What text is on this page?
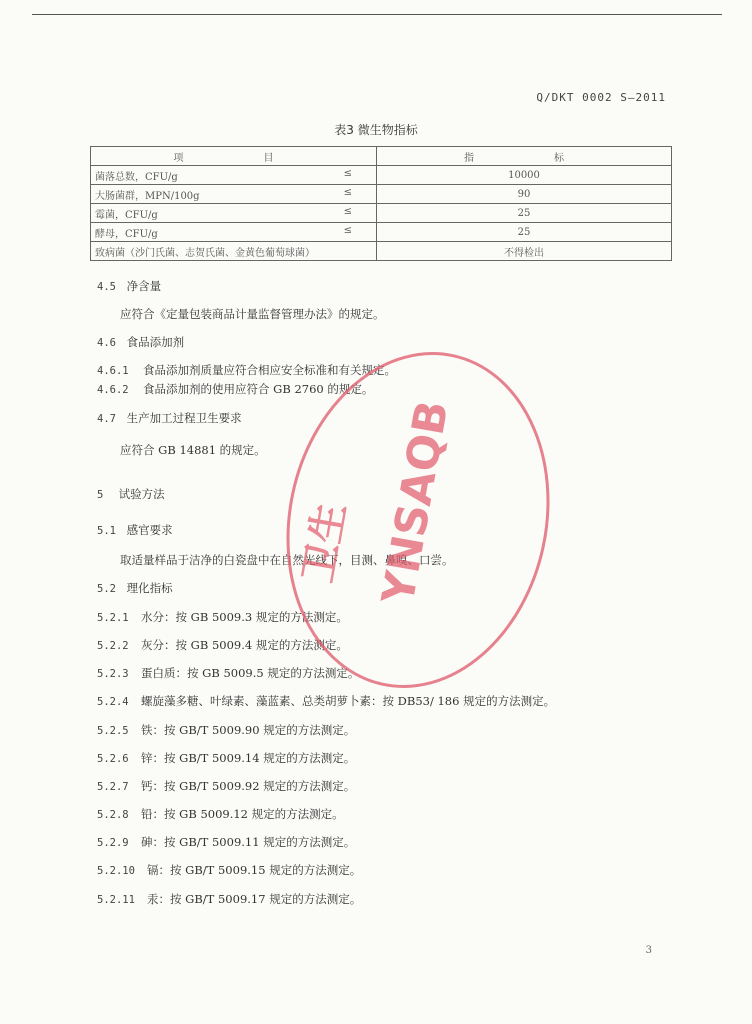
Q/DKT 0002 S—2011
表3 微生物指标
项　　目	指　　标
菌落总数，CFU/g ≤	10000
大肠菌群，MPN/100g ≤	90
霉菌，CFU/g ≤	25
酵母，CFU/g ≤	25
致病菌（沙门氏菌、志贺氏菌、金黄色葡萄球菌）	不得检出
4.5 净含量
应符合《定量包装商品计量监督管理办法》的规定。
4.6 食品添加剂
4.6.1 食品添加剂质量应符合相应安全标准和有关规定。
4.6.2 食品添加剂的使用应符合 GB 2760 的规定。
4.7 生产加工过程卫生要求
应符合 GB 14881 的规定。
5 试验方法
5.1 感官要求
取适量样品于洁净的白瓷盘中在自然光线下，目测、鼻嗅、口尝。
5.2 理化指标
5.2.1 水分：按 GB 5009.3 规定的方法测定。
5.2.2 灰分：按 GB 5009.4 规定的方法测定。
5.2.3 蛋白质：按 GB 5009.5 规定的方法测定。
5.2.4 螺旋藻多糖、叶绿素、藻蓝素、总类胡萝卜素：按 DB53/ 186 规定的方法测定。
5.2.5 铁：按 GB/T 5009.90 规定的方法测定。
5.2.6 锌：按 GB/T 5009.14 规定的方法测定。
5.2.7 钙：按 GB/T 5009.92 规定的方法测定。
5.2.8 铅：按 GB 5009.12 规定的方法测定。
5.2.9 砷：按 GB/T 5009.11 规定的方法测定。
5.2.10 镉：按 GB/T 5009.15 规定的方法测定。
5.2.11 汞：按 GB/T 5009.17 规定的方法测定。
YNSAQB
卫生
3
